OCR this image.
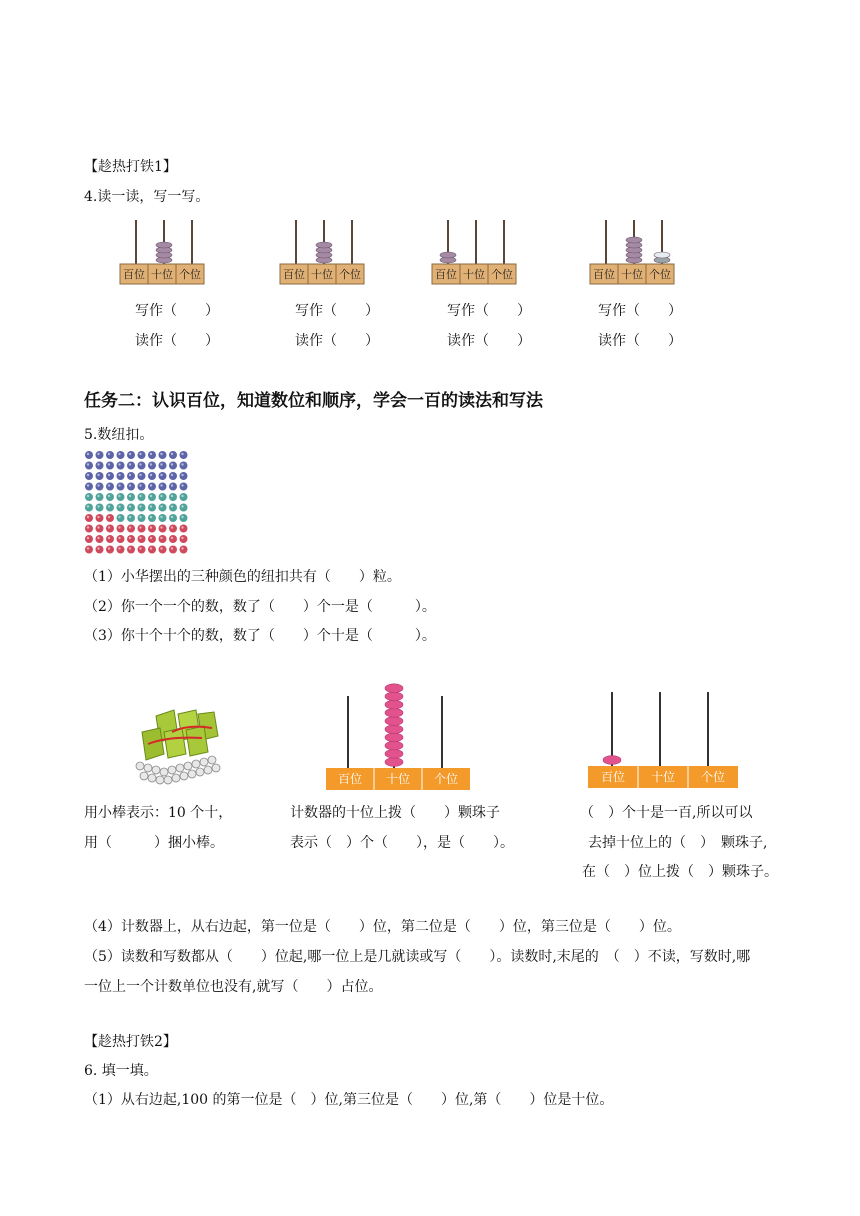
【趁热打铁1】
4.读一读，写一写。
百位 十位 个位	百位 十位 个位	百位 十位 个位	百位 十位 个位
写作（　　）	写作（　　）	写作（　　）	写作（　　）
读作（　　）	读作（　　）	读作（　　）	读作（　　）
任务二：认识百位，知道数位和顺序，学会一百的读法和写法
5.数纽扣。
（1）小华摆出的三种颜色的纽扣共有（　　）粒。
（2）你一个一个的数，数了（　　）个一是（　　　）。
（3）你十个十个的数，数了（　　）个十是（　　　）。
百位 十位 个位	百位 十位 个位
用小棒表示：10 个十，
用（　　　）捆小棒。
计数器的十位上拨（　　）颗珠子
表示（　）个（　　），是（　　）。
（　）个十是一百,所以可以
去掉十位上的（　）　颗珠子,
在（　）位上拨（　）颗珠子。
（4）计数器上，从右边起，第一位是（　　）位，第二位是（　　）位，第三位是（　　）位。
（5）读数和写数都从（　　）位起,哪一位上是几就读或写（　　）。读数时,末尾的　（　）不读，写数时,哪
一位上一个计数单位也没有,就写（　　）占位。
【趁热打铁2】
6. 填一填。
（1）从右边起,100 的第一位是（　）位,第三位是（　　）位,第（　　）位是十位。
